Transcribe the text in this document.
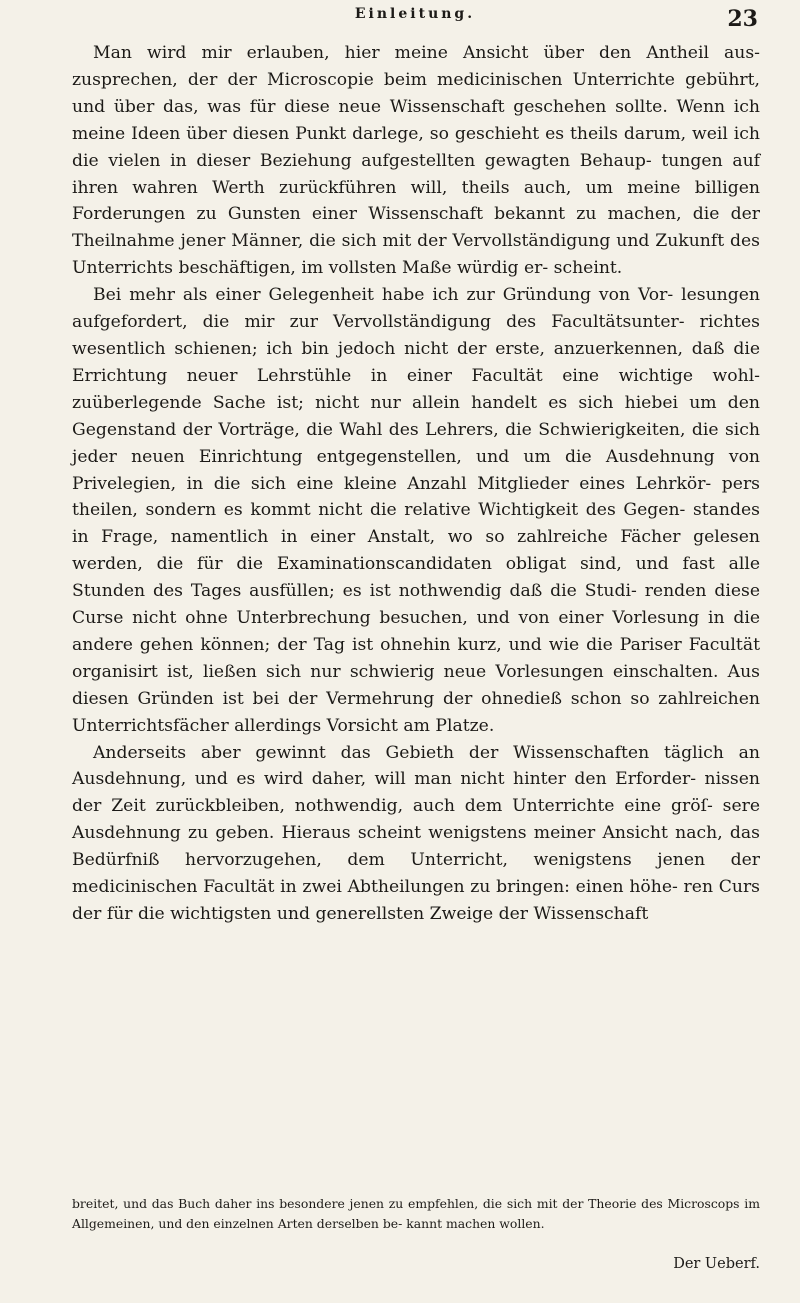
Einleitung.	23

Man wird mir erlauben, hier meine Ansicht über den Antheil aus- zusprechen, der der Microscopie beim medicinischen Unterrichte gebührt, und über das, was für diese neue Wissenschaft geschehen sollte. Wenn ich meine Ideen über diesen Punkt darlege, so geschieht es theils darum, weil ich die vielen in dieser Beziehung aufgestellten gewagten Behaup- tungen auf ihren wahren Werth zurückführen will, theils auch, um meine billigen Forderungen zu Gunsten einer Wissenschaft bekannt zu machen, die der Theilnahme jener Männer, die sich mit der Vervollständigung und Zukunft des Unterrichts beschäftigen, im vollsten Maße würdig er- scheint.

Bei mehr als einer Gelegenheit habe ich zur Gründung von Vor- lesungen aufgefordert, die mir zur Vervollständigung des Facultätsunter- richtes wesentlich schienen; ich bin jedoch nicht der erste, anzuerkennen, daß die Errichtung neuer Lehrstühle in einer Facultät eine wichtige wohl- zuüberlegende Sache ist; nicht nur allein handelt es sich hiebei um den Gegenstand der Vorträge, die Wahl des Lehrers, die Schwierigkeiten, die sich jeder neuen Einrichtung entgegenstellen, und um die Ausdehnung von Privelegien, in die sich eine kleine Anzahl Mitglieder eines Lehrkör- pers theilen, sondern es kommt nicht die relative Wichtigkeit des Gegen- standes in Frage, namentlich in einer Anstalt, wo so zahlreiche Fächer gelesen werden, die für die Examinationscandidaten obligat sind, und fast alle Stunden des Tages ausfüllen; es ist nothwendig daß die Studi- renden diese Curse nicht ohne Unterbrechung besuchen, und von einer Vorlesung in die andere gehen können; der Tag ist ohnehin kurz, und wie die Pariser Facultät organisirt ist, ließen sich nur schwierig neue Vorlesungen einschalten. Aus diesen Gründen ist bei der Vermehrung der ohnedieß schon so zahlreichen Unterrichtsfächer allerdings Vorsicht am Platze.

Anderseits aber gewinnt das Gebieth der Wissenschaften täglich an Ausdehnung, und es wird daher, will man nicht hinter den Erforder- nissen der Zeit zurückbleiben, nothwendig, auch dem Unterrichte eine gröſ- sere Ausdehnung zu geben. Hieraus scheint wenigstens meiner Ansicht nach, das Bedürfniß hervorzugehen, dem Unterricht, wenigstens jenen der medicinischen Facultät in zwei Abtheilungen zu bringen: einen höhe- ren Curs der für die wichtigsten und generellsten Zweige der Wissenschaft

breitet, und das Buch daher ins besondere jenen zu empfehlen, die sich mit der Theorie des Microscops im Allgemeinen, und den einzelnen Arten derselben be- kannt machen wollen.
Der Ueberf.
